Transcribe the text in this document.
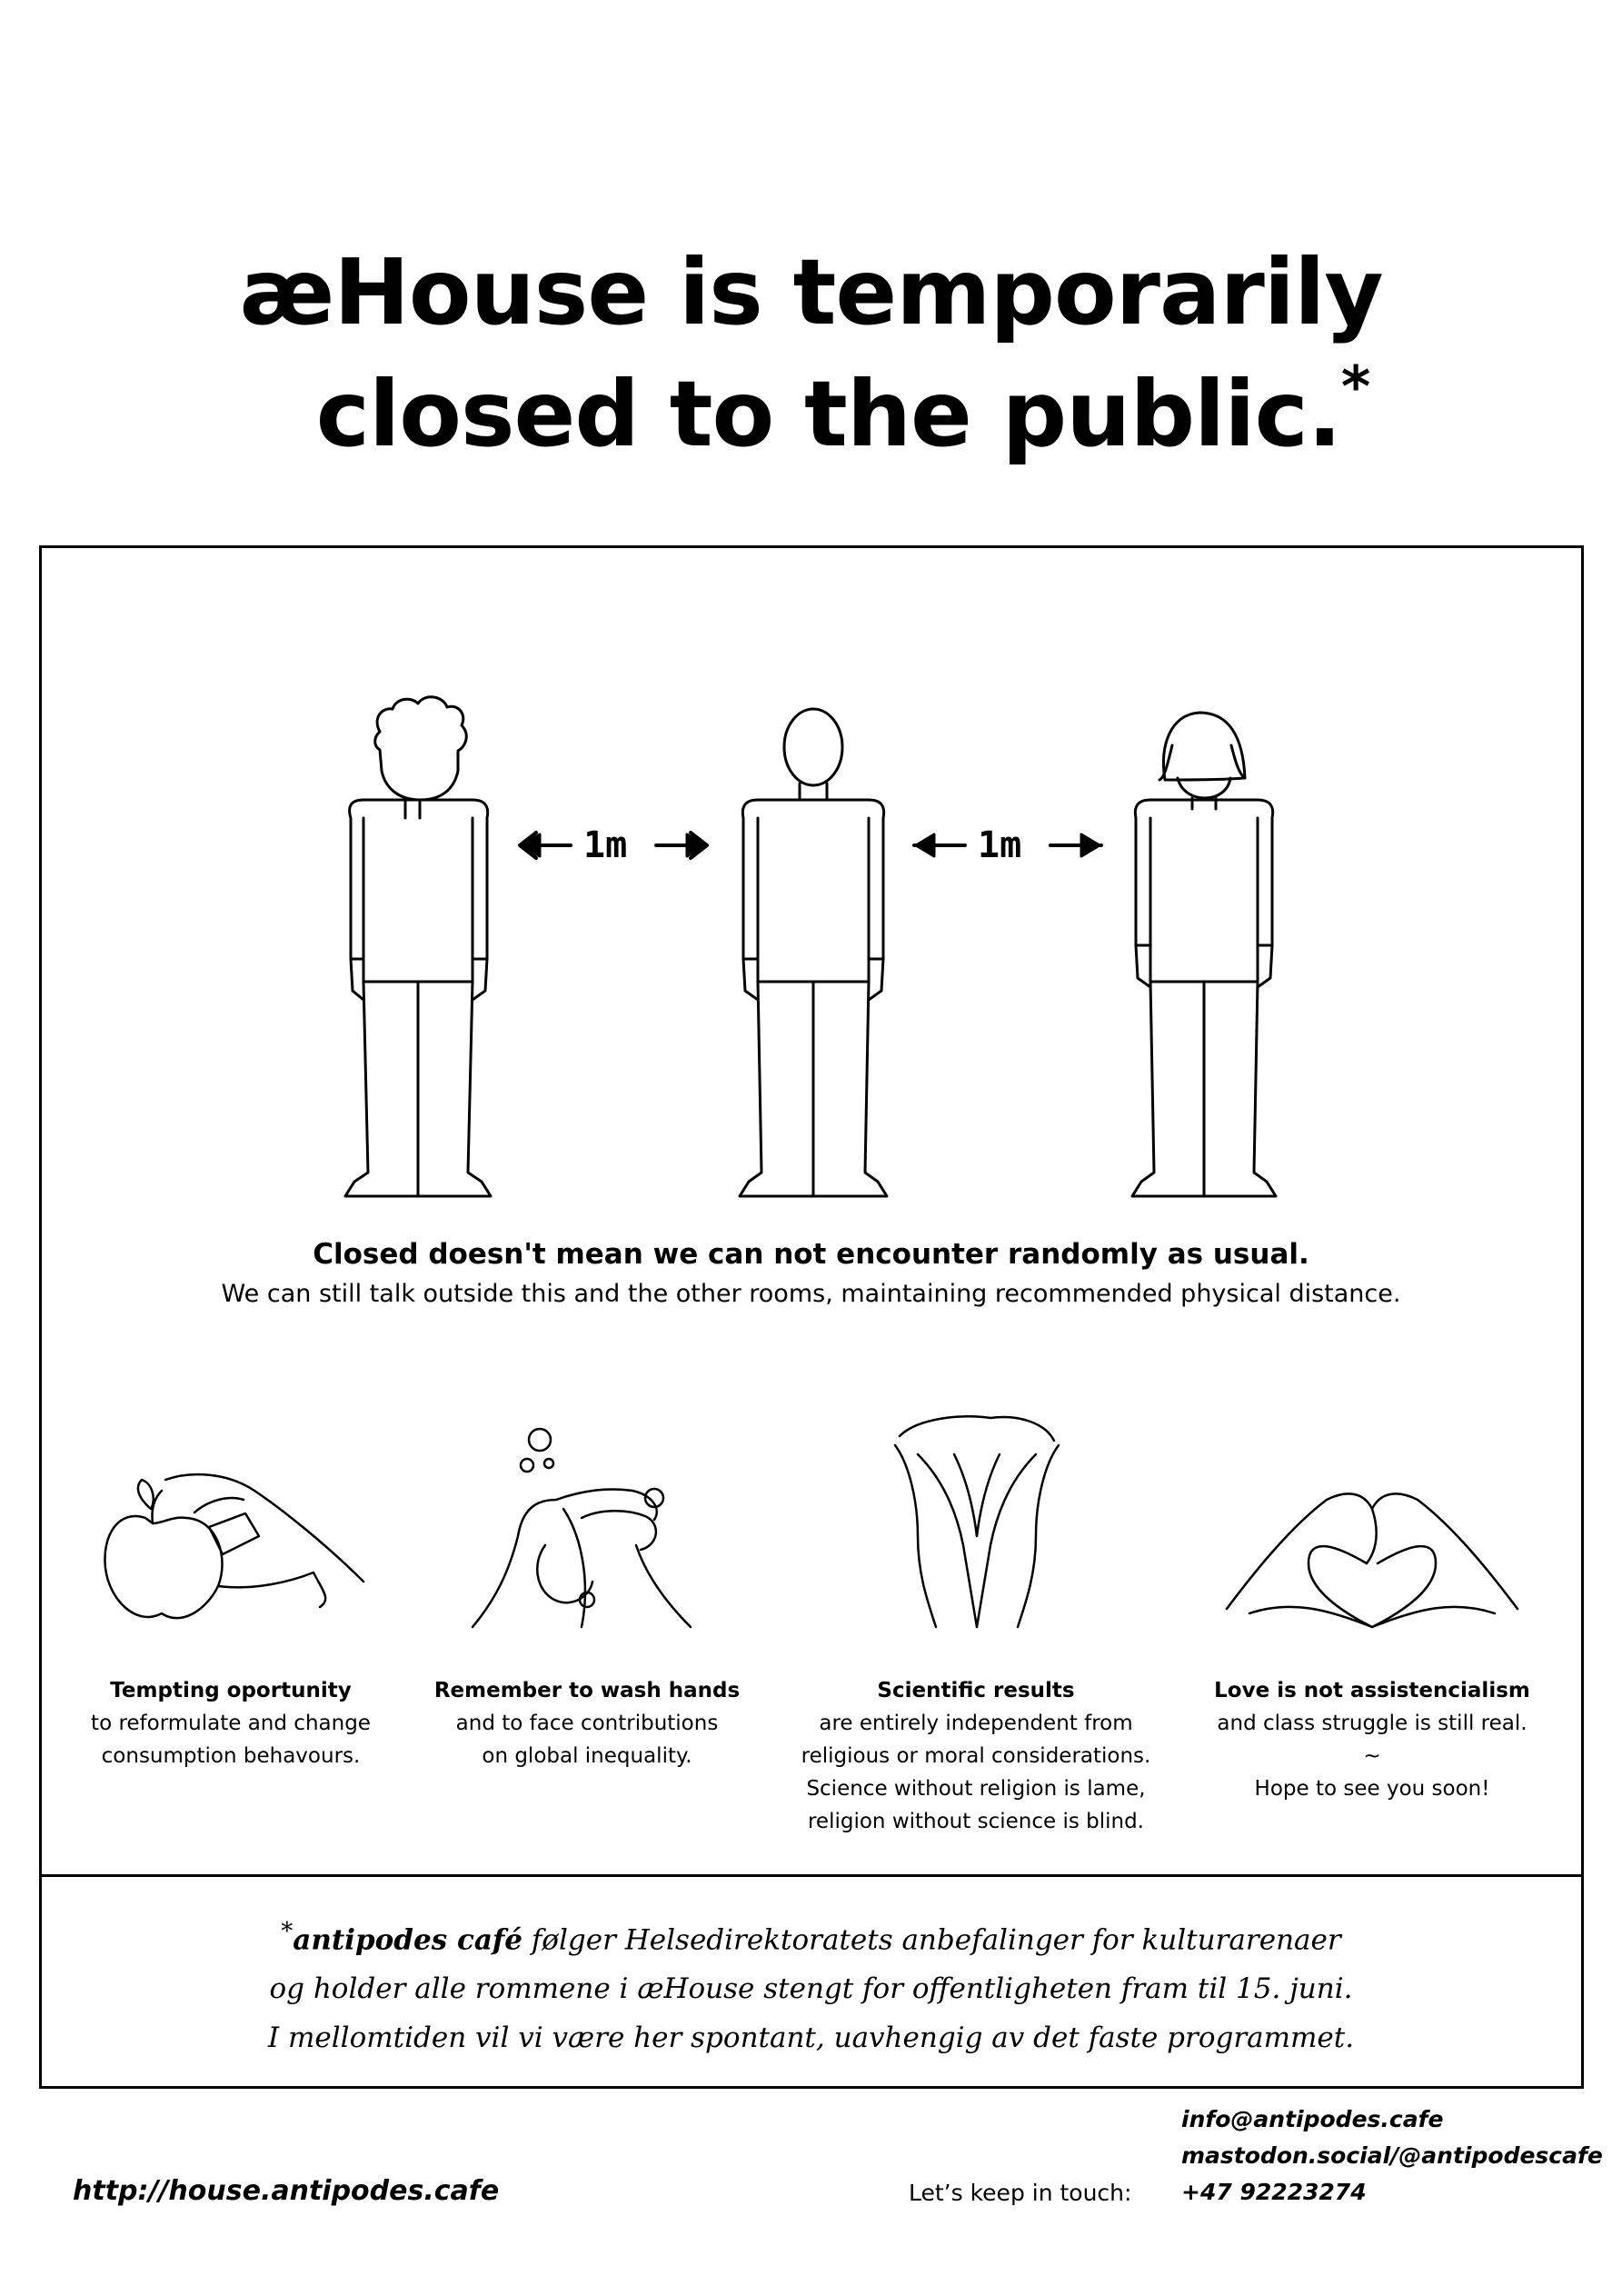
æHouse is temporarily
closed to the public.*
1m	1m
Closed doesn't mean we can not encounter randomly as usual.
We can still talk outside this and the other rooms, maintaining recommended physical distance.
Tempting oportunity
to reformulate and change
consumption behavours.
Remember to wash hands
and to face contributions
on global inequality.
Scientific results
are entirely independent from
religious or moral considerations.
Science without religion is lame,
religion without science is blind.
Love is not assistencialism
and class struggle is still real.
~
Hope to see you soon!
*antipodes café følger Helsedirektoratets anbefalinger for kulturarenaer
og holder alle rommene i æHouse stengt for offentligheten fram til 15. juni.
I mellomtiden vil vi være her spontant, uavhengig av det faste programmet.
http://house.antipodes.cafe	Let’s keep in touch:
info@antipodes.cafe
mastodon.social/@antipodescafe
+47 92223274
